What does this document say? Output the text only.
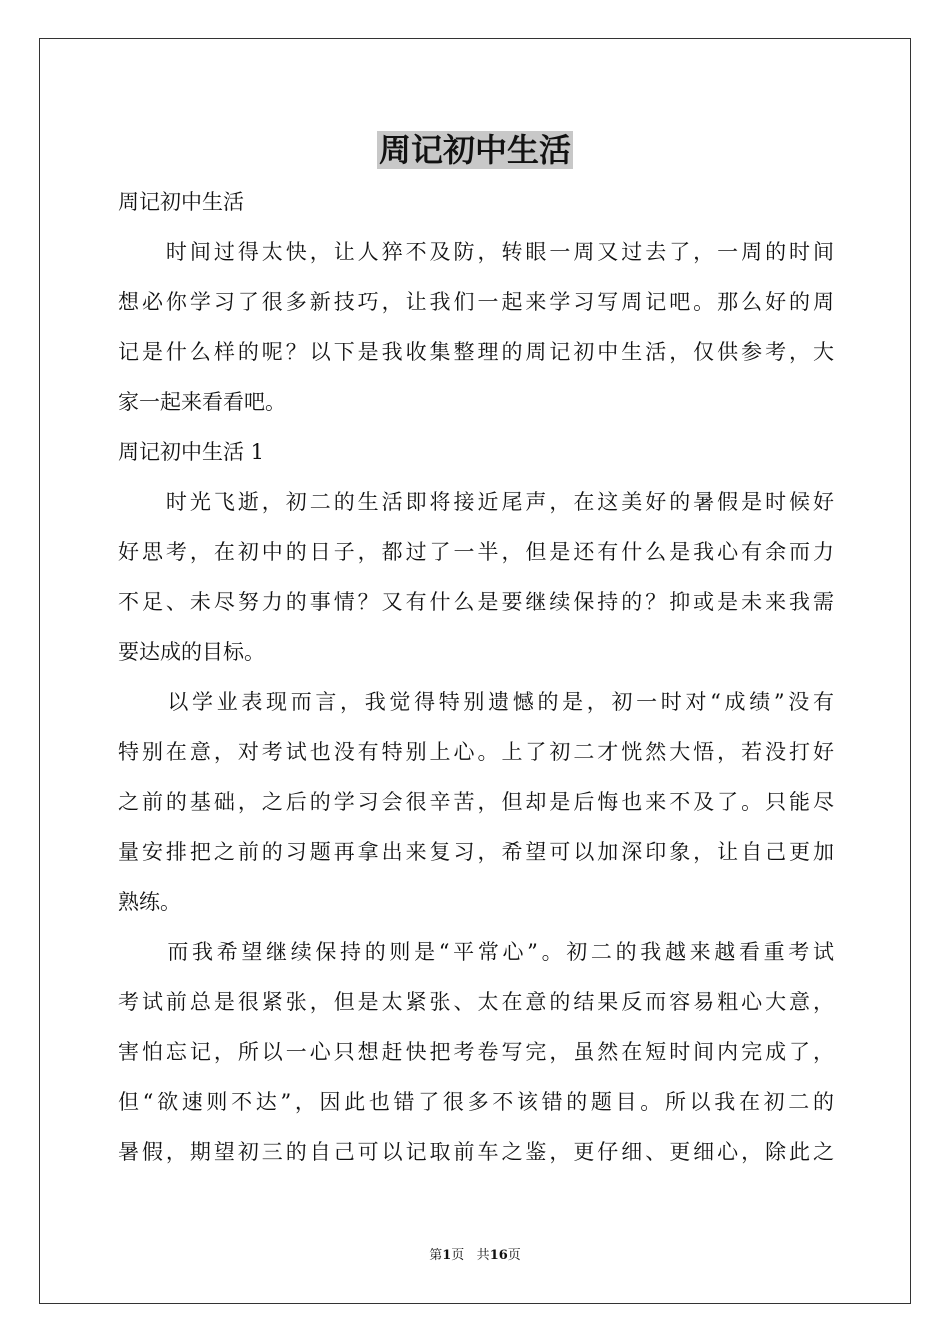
周记初中生活
周记初中生活
　　时间过得太快，让人猝不及防，转眼一周又过去了，一周的时间
想必你学习了很多新技巧，让我们一起来学习写周记吧。那么好的周
记是什么样的呢？以下是我收集整理的周记初中生活，仅供参考，大
家一起来看看吧。
周记初中生活 1
　　时光飞逝，初二的生活即将接近尾声，在这美好的暑假是时候好
好思考，在初中的日子，都过了一半，但是还有什么是我心有余而力
不足、未尽努力的事情？又有什么是要继续保持的？抑或是未来我需
要达成的目标。
　　以学业表现而言，我觉得特别遗憾的是，初一时对“成绩”没有
特别在意，对考试也没有特别上心。上了初二才恍然大悟，若没打好
之前的基础，之后的学习会很辛苦，但却是后悔也来不及了。只能尽
量安排把之前的习题再拿出来复习，希望可以加深印象，让自己更加
熟练。
　　而我希望继续保持的则是“平常心”。初二的我越来越看重考试
考试前总是很紧张，但是太紧张、太在意的结果反而容易粗心大意，
害怕忘记，所以一心只想赶快把考卷写完，虽然在短时间内完成了，
但“欲速则不达”，因此也错了很多不该错的题目。所以我在初二的
暑假，期望初三的自己可以记取前车之鉴，更仔细、更细心，除此之
第1页 共16页
